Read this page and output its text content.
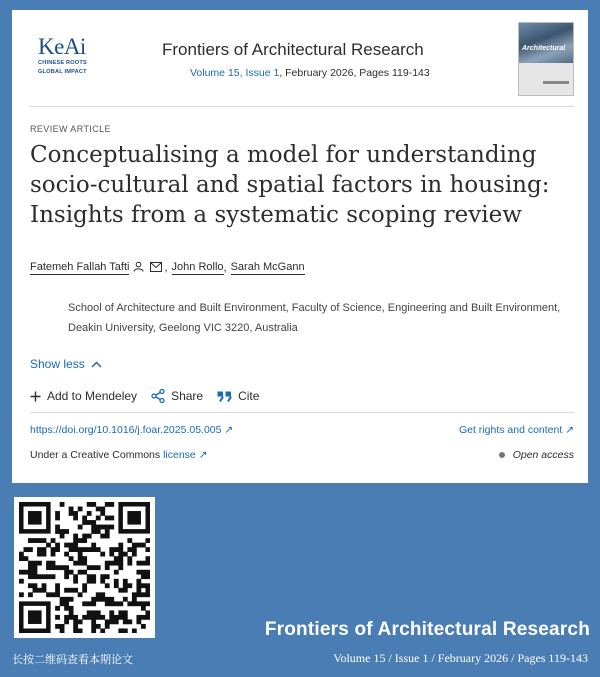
KeAi
CHINESE ROOTS
GLOBAL IMPACT
Frontiers of Architectural Research
Volume 15, Issue 1, February 2026, Pages 119-143
Architectural
REVIEW ARTICLE
Conceptualising a model for understanding socio-cultural and spatial factors in housing: Insights from a systematic scoping review
Fatemeh Fallah Tafti	, John Rollo , Sarah McGann
School of Architecture and Built Environment, Faculty of Science, Engineering and Built Environment, Deakin University, Geelong VIC 3220, Australia
Show less
Add to Mendeley	Share	Cite
https://doi.org/10.1016/j.foar.2025.05.005 ↗	Get rights and content ↗
Under a Creative Commons license ↗	Open access
Frontiers of Architectural Research
长按二维码查看本期论文	Volume 15 / Issue 1 / February 2026 / Pages 119-143
